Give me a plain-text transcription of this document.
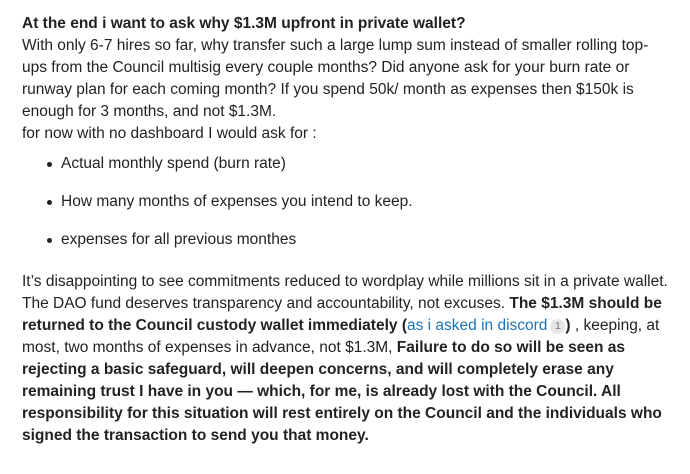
At the end i want to ask why $1.3M upfront in private wallet?
With only 6-7 hires so far, why transfer such a large lump sum instead of smaller rolling top-ups from the Council multisig every couple months? Did anyone ask for your burn rate or runway plan for each coming month? If you spend 50k/ month as expenses then $150k is enough for 3 months, and not $1.3M.
for now with no dashboard I would ask for :

Actual monthly spend (burn rate)
How many months of expenses you intend to keep.
expenses for all previous monthes

It’s disappointing to see commitments reduced to wordplay while millions sit in a private wallet. The DAO fund deserves transparency and accountability, not excuses. The $1.3M should be returned to the Council custody wallet immediately (as i asked in discord 1 ) , keeping, at most, two months of expenses in advance, not $1.3M, Failure to do so will be seen as rejecting a basic safeguard, will deepen concerns, and will completely erase any remaining trust I have in you — which, for me, is already lost with the Council. All responsibility for this situation will rest entirely on the Council and the individuals who signed the transaction to send you that money.
